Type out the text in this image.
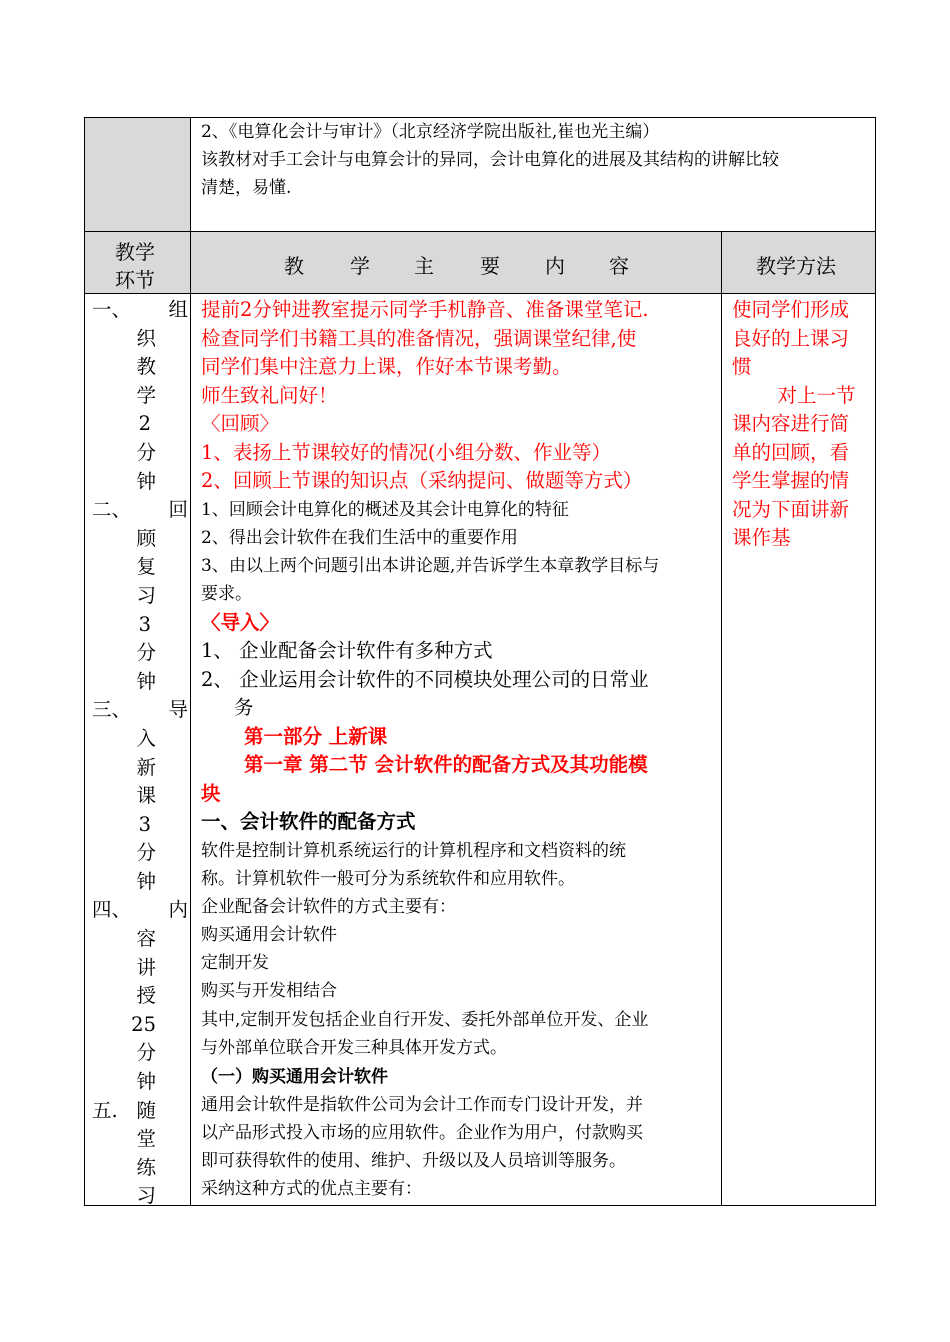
2、《电算化会计与审计》（北京经济学院出版社,崔也光主编）
该教材对手工会计与电算会计的异同，会计电算化的进展及其结构的讲解比较
清楚，易懂.
教学
环节
教 学 主 要 内 容	教学方法
一、 组
织
教
学
2
分
钟
二、 回
顾
复
习
3
分
钟
三、 导
入
新
课
3
分
钟
四、 内
容
讲
授
25
分
钟
五. 随
堂
练
习
提前2分钟进教室提示同学手机静音、准备课堂笔记.
检查同学们书籍工具的准备情况，强调课堂纪律,使
同学们集中注意力上课，作好本节课考勤。
师生致礼问好！
〈回顾〉
1、表扬上节课较好的情况(小组分数、作业等）
2、回顾上节课的知识点（采纳提问、做题等方式）
1、回顾会计电算化的概述及其会计电算化的特征
2、得出会计软件在我们生活中的重要作用
3、由以上两个问题引出本讲论题,并告诉学生本章教学目标与
要求。
〈导入〉
1、 企业配备会计软件有多种方式
2、 企业运用会计软件的不同模块处理公司的日常业
务
第一部分 上新课
第一章 第二节 会计软件的配备方式及其功能模
块
一、会计软件的配备方式
软件是控制计算机系统运行的计算机程序和文档资料的统
称。计算机软件一般可分为系统软件和应用软件。
企业配备会计软件的方式主要有：
购买通用会计软件
定制开发
购买与开发相结合
其中,定制开发包括企业自行开发、委托外部单位开发、企业
与外部单位联合开发三种具体开发方式。
（一）购买通用会计软件
通用会计软件是指软件公司为会计工作而专门设计开发，并
以产品形式投入市场的应用软件。企业作为用户，付款购买
即可获得软件的使用、维护、升级以及人员培训等服务。
采纳这种方式的优点主要有：
使同学们形成
良好的上课习
惯
　对上一节
课内容进行简
单的回顾，看
学生掌握的情
况为下面讲新
课作基
